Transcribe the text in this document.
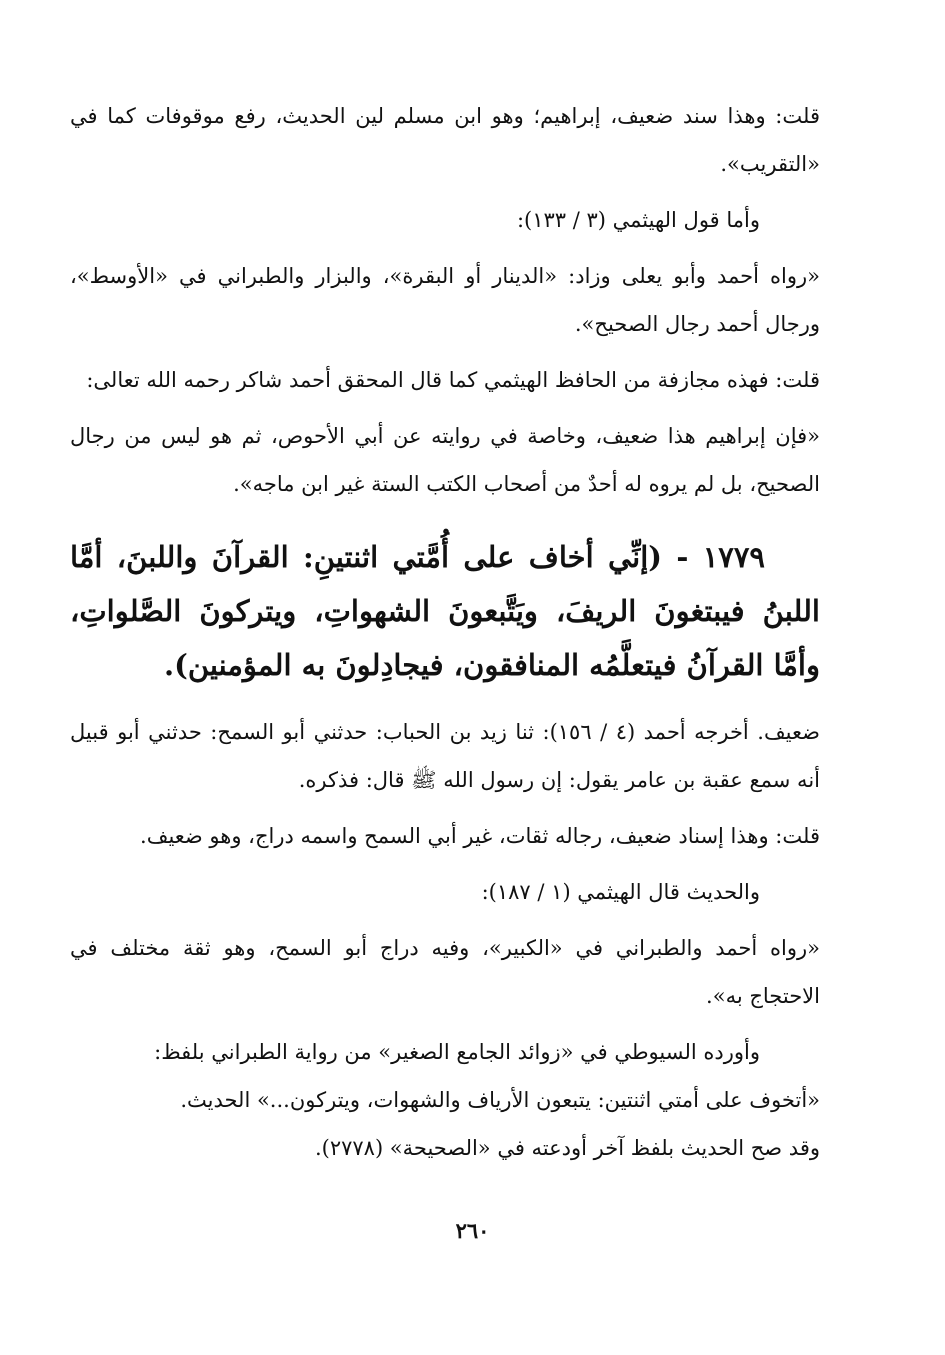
قلت: وهذا سند ضعيف، إبراهيم؛ وهو ابن مسلم لين الحديث، رفع موقوفات كما في «التقريب».

وأما قول الهيثمي (٣ / ١٣٣):

«رواه أحمد وأبو يعلى وزاد: «الدينار أو البقرة»، والبزار والطبراني في «الأوسط»، ورجال أحمد رجال الصحيح».

قلت: فهذه مجازفة من الحافظ الهيثمي كما قال المحقق أحمد شاكر رحمه الله تعالى:

«فإن إبراهيم هذا ضعيف، وخاصة في روايته عن أبي الأحوص، ثم هو ليس من رجال الصحيح، بل لم يروه له أحدٌ من أصحاب الكتب الستة غير ابن ماجه».

١٧٧٩ - (إنِّي أخاف على أُمَّتي اثنتينِ: القرآنَ واللبنَ، أمَّا اللبنُ فيبتغونَ الريفَ، ويَتَّبعونَ الشهواتِ، ويتركونَ الصَّلواتِ، وأمَّا القرآنُ فيتعلَّمُه المنافقون، فيجادِلونَ به المؤمنين).

ضعيف. أخرجه أحمد (٤ / ١٥٦): ثنا زيد بن الحباب: حدثني أبو السمح: حدثني أبو قبيل أنه سمع عقبة بن عامر يقول: إن رسول الله ﷺ قال: فذكره.

قلت: وهذا إسناد ضعيف، رجاله ثقات، غير أبي السمح واسمه دراج، وهو ضعيف.

والحديث قال الهيثمي (١ / ١٨٧):

«رواه أحمد والطبراني في «الكبير»، وفيه دراج أبو السمح، وهو ثقة مختلف في الاحتجاج به».

وأورده السيوطي في «زوائد الجامع الصغير» من رواية الطبراني بلفظ:

«أتخوف على أمتي اثنتين: يتبعون الأرياف والشهوات، ويتركون...» الحديث.

وقد صح الحديث بلفظ آخر أودعته في «الصحيحة» (٢٧٧٨).

٢٦٠
